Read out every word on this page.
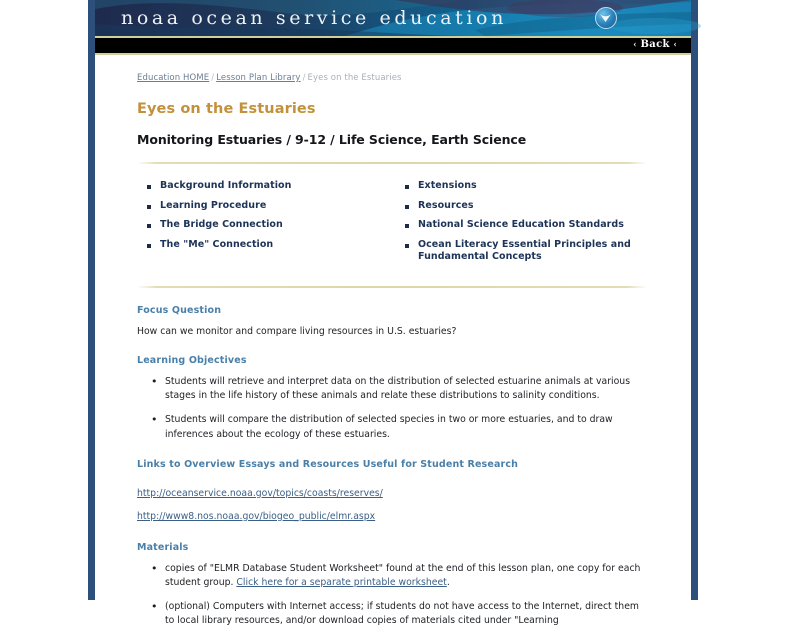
noaa ocean service education
‹ Back ‹
Education HOME / Lesson Plan Library / Eyes on the Estuaries
Eyes on the Estuaries
Monitoring Estuaries / 9-12 / Life Science, Earth Science
Background Information
Learning Procedure
The Bridge Connection
The "Me" Connection
Extensions
Resources
National Science Education Standards
Ocean Literacy Essential Principles and Fundamental Concepts
Focus Question
How can we monitor and compare living resources in U.S. estuaries?
Learning Objectives
• Students will retrieve and interpret data on the distribution of selected estuarine animals at various stages in the life history of these animals and relate these distributions to salinity conditions.
• Students will compare the distribution of selected species in two or more estuaries, and to draw inferences about the ecology of these estuaries.
Links to Overview Essays and Resources Useful for Student Research
http://oceanservice.noaa.gov/topics/coasts/reserves/
http://www8.nos.noaa.gov/biogeo_public/elmr.aspx
Materials
• copies of "ELMR Database Student Worksheet" found at the end of this lesson plan, one copy for each student group. Click here for a separate printable worksheet.
• (optional) Computers with Internet access; if students do not have access to the Internet, direct them to local library resources, and/or download copies of materials cited under "Learning
